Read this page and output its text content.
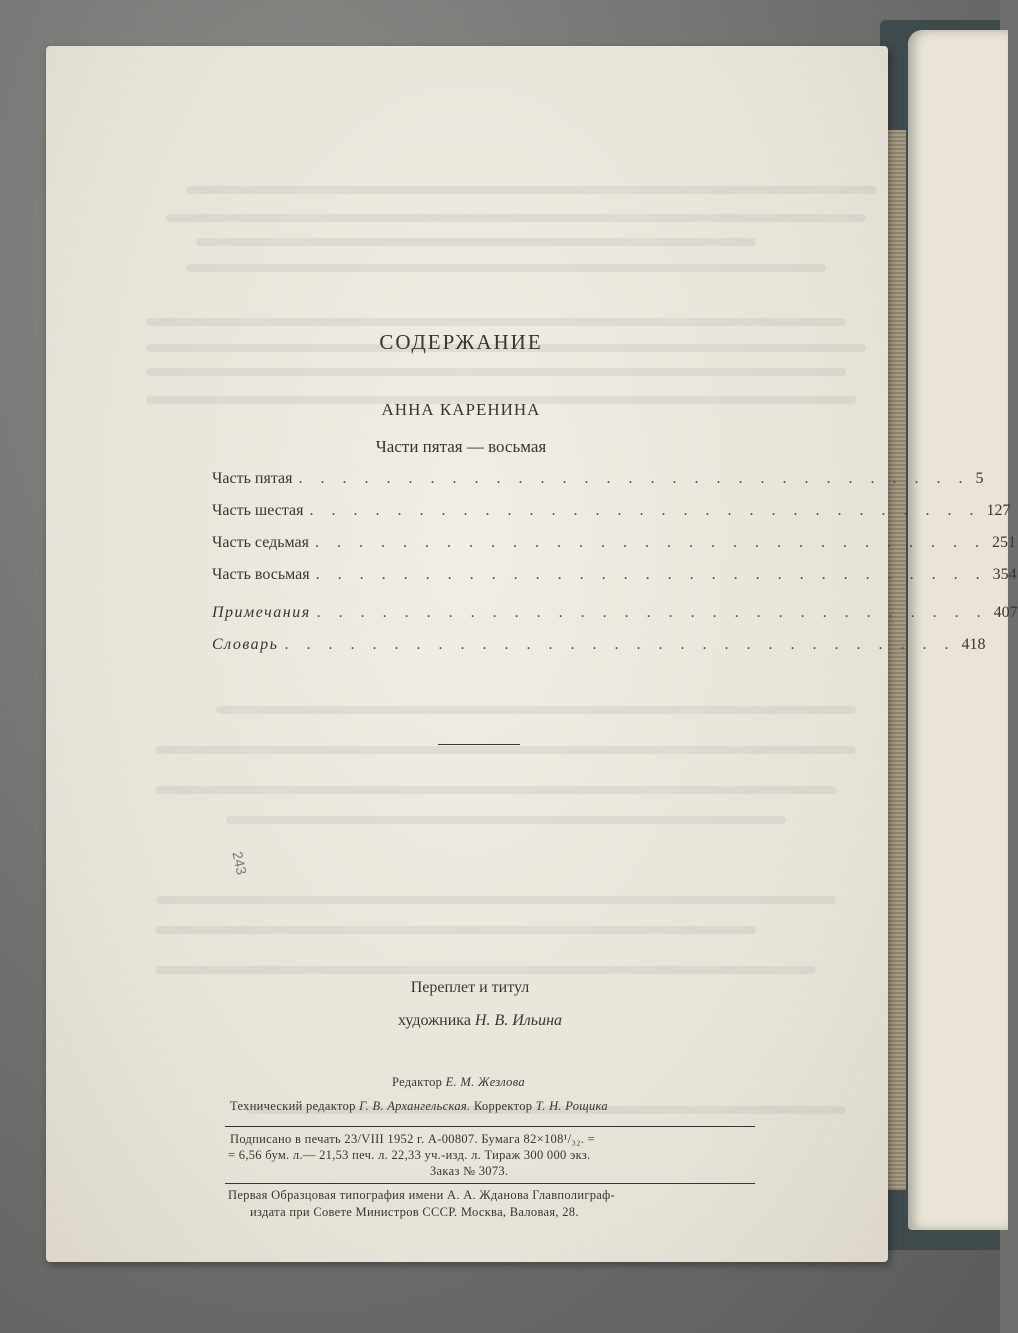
СОДЕРЖАНИЕ
АННА КАРЕНИНА
Части пятая — восьмая
Часть пятая . . . . . . . . . . . . . . . . . . . . . . . . . . . . . . . 5
Часть шестая . . . . . . . . . . . . . . . . . . . . . . . . . . . . . . . 127
Часть седьмая . . . . . . . . . . . . . . . . . . . . . . . . . . . . . . . 251
Часть восьмая . . . . . . . . . . . . . . . . . . . . . . . . . . . . . . . 354
Примечания . . . . . . . . . . . . . . . . . . . . . . . . . . . . . . . 407
Словарь . . . . . . . . . . . . . . . . . . . . . . . . . . . . . . . 418
243
Переплет и титул
художника Н. В. Ильина
Редактор Е. М. Жезлова
Технический редактор Г. В. Архангельская. Корректор Т. Н. Рощика
Подписано в печать 23/VIII 1952 г. А-00807. Бумага 82×108¹/₃₂. =
= 6,56 бум. л.— 21,53 печ. л. 22,33 уч.-изд. л. Тираж 300 000 экз.
Заказ № 3073.
Первая Образцовая типография имени А. А. Жданова Главполиграф-
издата при Совете Министров СССР. Москва, Валовая, 28.
